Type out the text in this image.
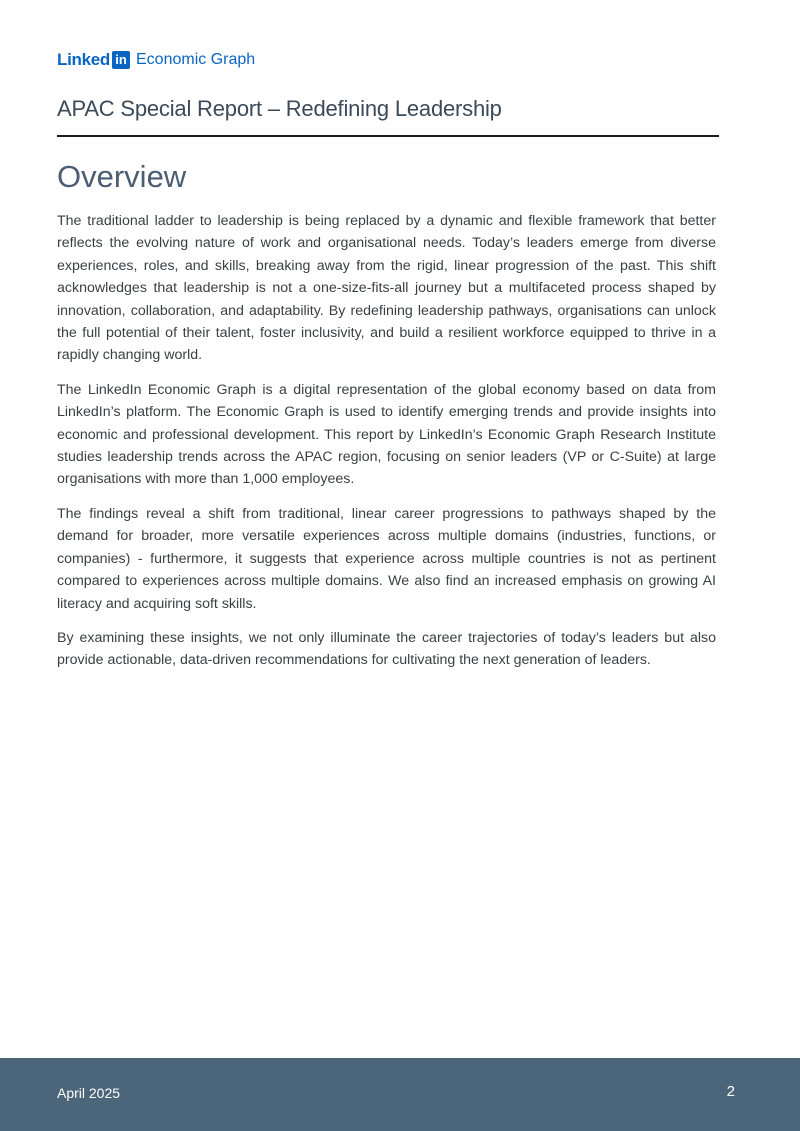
Linked in Economic Graph
APAC Special Report – Redefining Leadership
Overview

The traditional ladder to leadership is being replaced by a dynamic and flexible framework that better reflects the evolving nature of work and organisational needs. Today’s leaders emerge from diverse experiences, roles, and skills, breaking away from the rigid, linear progression of the past. This shift acknowledges that leadership is not a one-size-fits-all journey but a multifaceted process shaped by innovation, collaboration, and adaptability. By redefining leadership pathways, organisations can unlock the full potential of their talent, foster inclusivity, and build a resilient workforce equipped to thrive in a rapidly changing world.

The LinkedIn Economic Graph is a digital representation of the global economy based on data from LinkedIn’s platform. The Economic Graph is used to identify emerging trends and provide insights into economic and professional development. This report by LinkedIn’s Economic Graph Research Institute studies leadership trends across the APAC region, focusing on senior leaders (VP or C-Suite) at large organisations with more than 1,000 employees.

The findings reveal a shift from traditional, linear career progressions to pathways shaped by the demand for broader, more versatile experiences across multiple domains (industries, functions, or companies) - furthermore, it suggests that experience across multiple countries is not as pertinent compared to experiences across multiple domains. We also find an increased emphasis on growing AI literacy and acquiring soft skills.

By examining these insights, we not only illuminate the career trajectories of today’s leaders but also provide actionable, data-driven recommendations for cultivating the next generation of leaders.

April 2025	2
